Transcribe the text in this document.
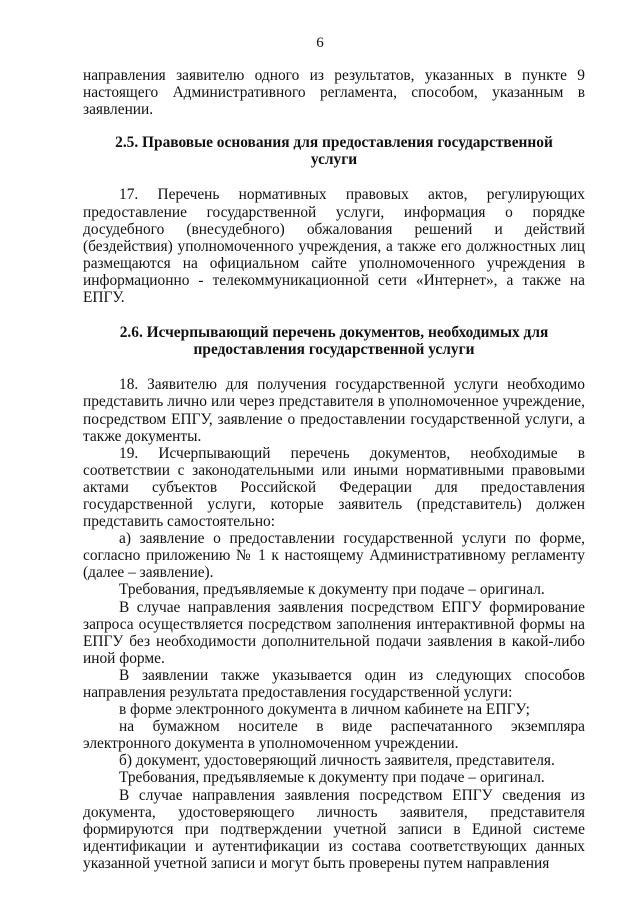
6

направления заявителю одного из результатов, указанных в пункте 9 настоящего Административного регламента, способом, указанным в заявлении.

2.5. Правовые основания для предоставления государственной услуги

17. Перечень нормативных правовых актов, регулирующих предоставление государственной услуги, информация о порядке досудебного (внесудебного) обжалования решений и действий (бездействия) уполномоченного учреждения, а также его должностных лиц размещаются на официальном сайте уполномоченного учреждения в информационно - телекоммуникационной сети «Интернет», а также на ЕПГУ.

2.6. Исчерпывающий перечень документов, необходимых для предоставления государственной услуги

18. Заявителю для получения государственной услуги необходимо представить лично или через представителя в уполномоченное учреждение, посредством ЕПГУ, заявление о предоставлении государственной услуги, а также документы.

19. Исчерпывающий перечень документов, необходимые в соответствии с законодательными или иными нормативными правовыми актами субъектов Российской Федерации для предоставления государственной услуги, которые заявитель (представитель) должен представить самостоятельно:

а) заявление о предоставлении государственной услуги по форме, согласно приложению № 1 к настоящему Административному регламенту (далее – заявление).

Требования, предъявляемые к документу при подаче – оригинал.

В случае направления заявления посредством ЕПГУ формирование запроса осуществляется посредством заполнения интерактивной формы на ЕПГУ без необходимости дополнительной подачи заявления в какой-либо иной форме.

В заявлении также указывается один из следующих способов направления результата предоставления государственной услуги:

в форме электронного документа в личном кабинете на ЕПГУ;

на бумажном носителе в виде распечатанного экземпляра электронного документа в уполномоченном учреждении.

б) документ, удостоверяющий личность заявителя, представителя.

Требования, предъявляемые к документу при подаче – оригинал.

В случае направления заявления посредством ЕПГУ сведения из документа, удостоверяющего личность заявителя, представителя формируются при подтверждении учетной записи в Единой системе идентификации и аутентификации из состава соответствующих данных указанной учетной записи и могут быть проверены путем направления
